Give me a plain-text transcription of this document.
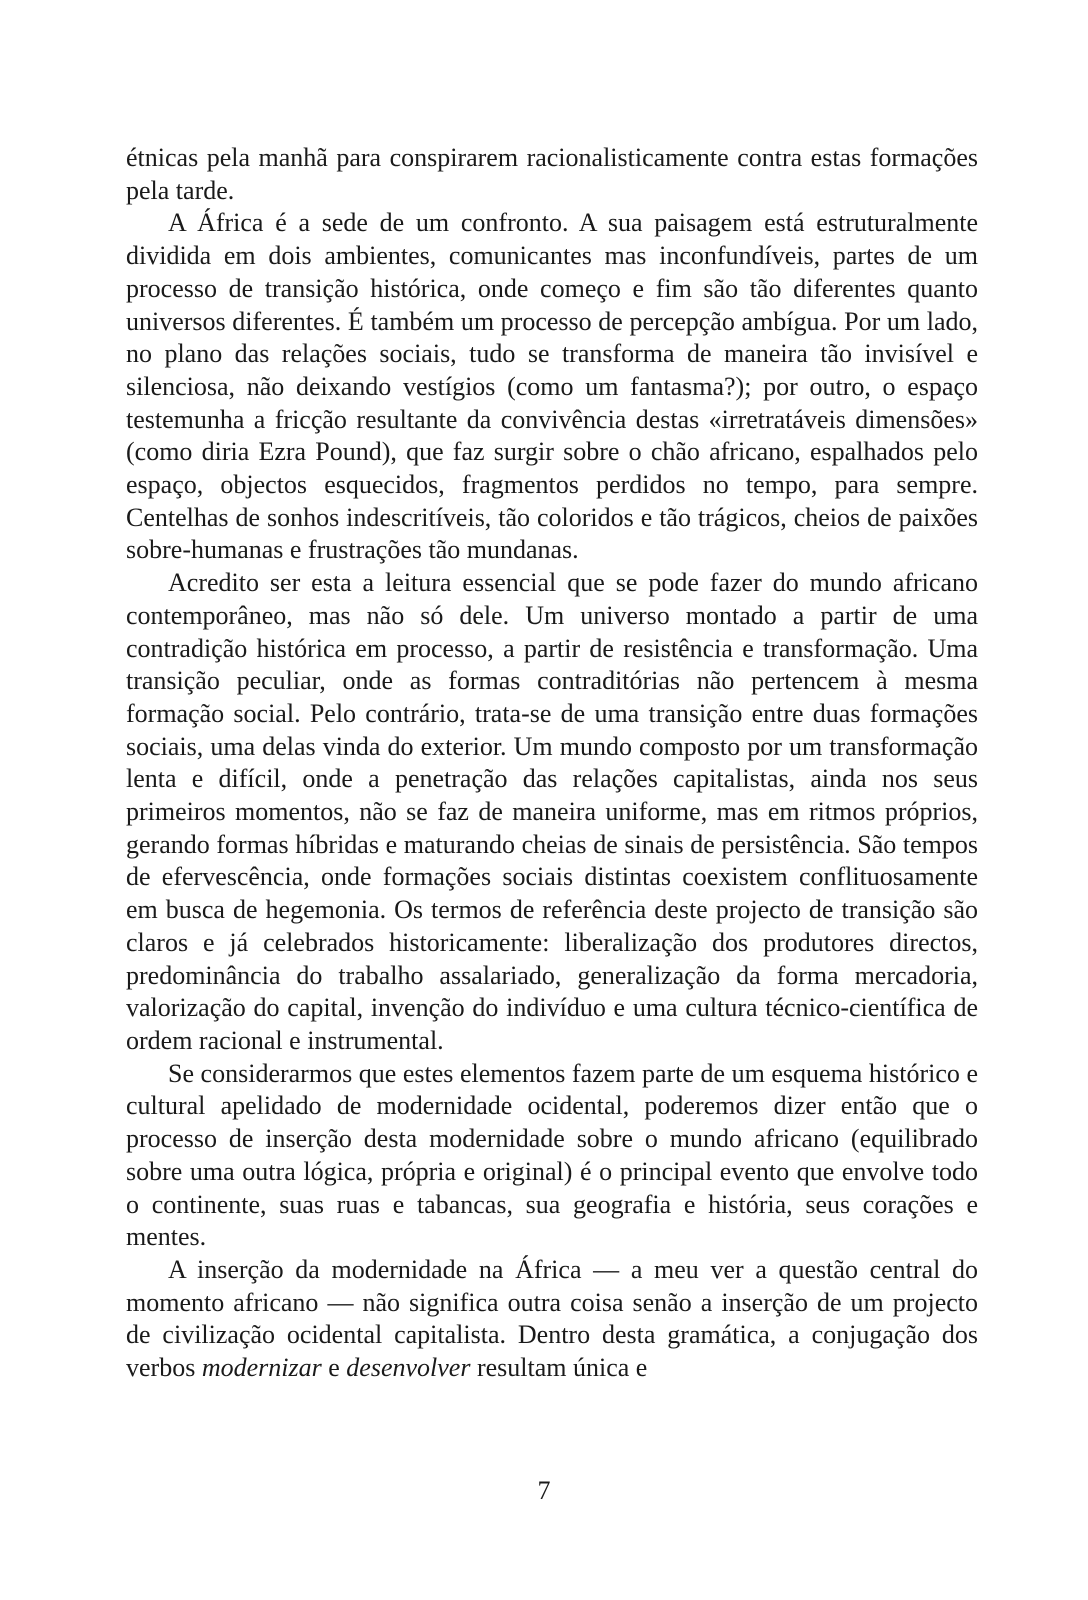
étnicas pela manhã para conspirarem racionalisticamente contra estas formações pela tarde.

A África é a sede de um confronto. A sua paisagem está estruturalmente dividida em dois ambientes, comunicantes mas inconfundíveis, partes de um processo de transição histórica, onde começo e fim são tão diferentes quanto universos diferentes. É também um processo de percepção ambígua. Por um lado, no plano das relações sociais, tudo se transforma de maneira tão invisível e silenciosa, não deixando vestígios (como um fantasma?); por outro, o espaço testemunha a fricção resultante da convivência destas «irretratáveis dimensões» (como diria Ezra Pound), que faz surgir sobre o chão africano, espalhados pelo espaço, objectos esquecidos, fragmentos perdidos no tempo, para sempre. Centelhas de sonhos indescritíveis, tão coloridos e tão trágicos, cheios de paixões sobre-humanas e frustrações tão mundanas.

Acredito ser esta a leitura essencial que se pode fazer do mundo africano contemporâneo, mas não só dele. Um universo montado a partir de uma contradição histórica em processo, a partir de resistência e transformação. Uma transição peculiar, onde as formas contraditórias não pertencem à mesma formação social. Pelo contrário, trata-se de uma transição entre duas formações sociais, uma delas vinda do exterior. Um mundo composto por um transformação lenta e difícil, onde a penetração das relações capitalistas, ainda nos seus primeiros momentos, não se faz de maneira uniforme, mas em ritmos próprios, gerando formas híbridas e maturando cheias de sinais de persistência. São tempos de efervescência, onde formações sociais distintas coexistem conflituosamente em busca de hegemonia. Os termos de referência deste projecto de transição são claros e já celebrados historicamente: liberalização dos produtores directos, predominância do trabalho assalariado, generalização da forma mercadoria, valorização do capital, invenção do indivíduo e uma cultura técnico-científica de ordem racional e instrumental.

Se considerarmos que estes elementos fazem parte de um esquema histórico e cultural apelidado de modernidade ocidental, poderemos dizer então que o processo de inserção desta modernidade sobre o mundo africano (equilibrado sobre uma outra lógica, própria e original) é o principal evento que envolve todo o continente, suas ruas e tabancas, sua geografia e história, seus corações e mentes.

A inserção da modernidade na África — a meu ver a questão central do momento africano — não significa outra coisa senão a inserção de um projecto de civilização ocidental capitalista. Dentro desta gramática, a conjugação dos verbos modernizar e desenvolver resultam única e

7
